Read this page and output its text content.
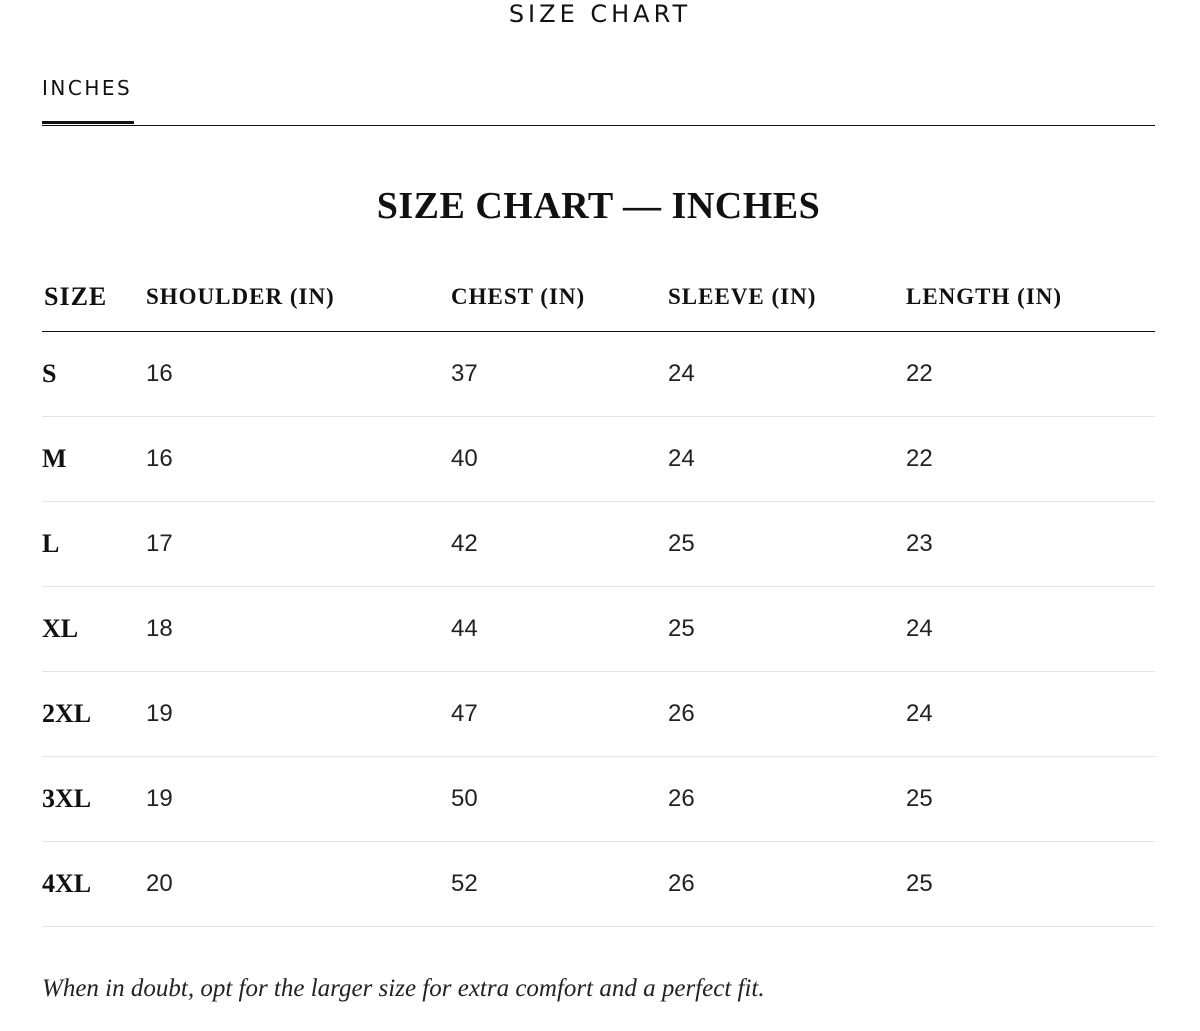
SIZE CHART
INCHES
SIZE CHART — INCHES
SIZE	SHOULDER (IN)	CHEST (IN)	SLEEVE (IN)	LENGTH (IN)
S	16	37	24	22
M	16	40	24	22
L	17	42	25	23
XL	18	44	25	24
2XL	19	47	26	24
3XL	19	50	26	25
4XL	20	52	26	25
When in doubt, opt for the larger size for extra comfort and a perfect fit.
